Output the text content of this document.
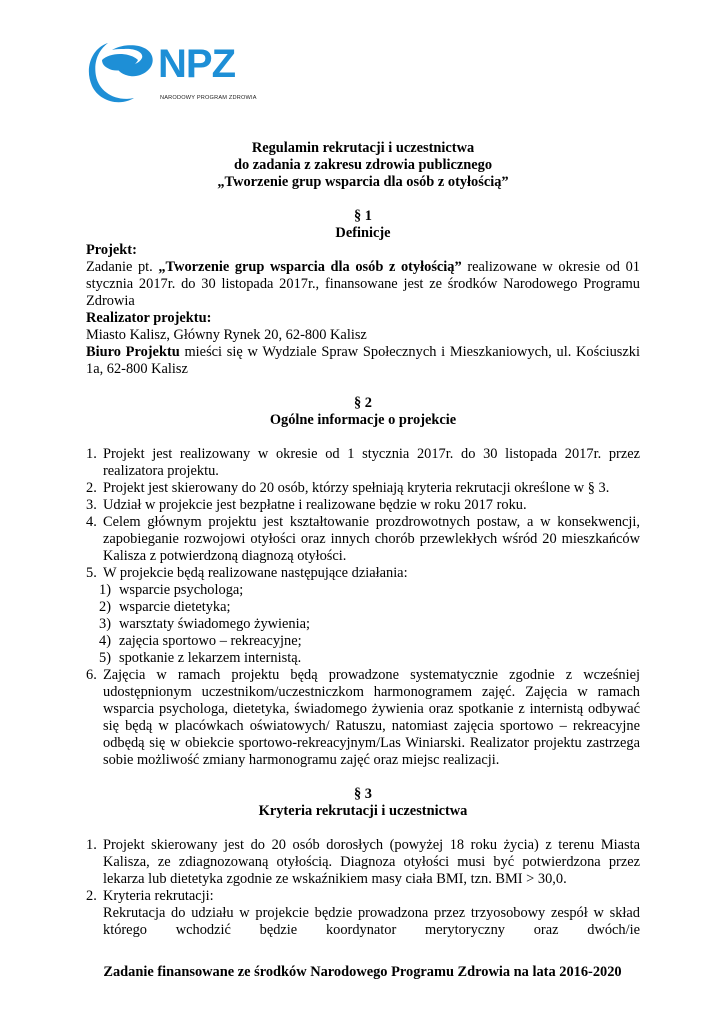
NPZ
NARODOWY PROGRAM ZDROWIA
Regulamin rekrutacji i uczestnictwa
do zadania z zakresu zdrowia publicznego
„Tworzenie grup wsparcia dla osób z otyłością”
§ 1
Definicje
Projekt:
Zadanie pt. „Tworzenie grup wsparcia dla osób z otyłością” realizowane w okresie od 01 stycznia 2017r. do 30 listopada 2017r., finansowane jest ze środków Narodowego Programu Zdrowia
Realizator projektu:
Miasto Kalisz, Główny Rynek 20, 62-800 Kalisz
Biuro Projektu mieści się w Wydziale Spraw Społecznych i Mieszkaniowych, ul. Kościuszki 1a, 62-800 Kalisz
§ 2
Ogólne informacje o projekcie
1. Projekt jest realizowany w okresie od 1 stycznia 2017r. do 30 listopada 2017r. przez realizatora projektu.
2. Projekt jest skierowany do 20 osób, którzy spełniają kryteria rekrutacji określone w § 3.
3. Udział w projekcie jest bezpłatne i realizowane będzie w roku 2017 roku.
4. Celem głównym projektu jest kształtowanie prozdrowotnych postaw, a w konsekwencji, zapobieganie rozwojowi otyłości oraz innych chorób przewlekłych wśród 20 mieszkańców Kalisza z potwierdzoną diagnozą otyłości.
5. W projekcie będą realizowane następujące działania:
1) wsparcie psychologa;
2) wsparcie dietetyka;
3) warsztaty świadomego żywienia;
4) zajęcia sportowo – rekreacyjne;
5) spotkanie z lekarzem internistą.
6. Zajęcia w ramach projektu będą prowadzone systematycznie zgodnie z wcześniej udostępnionym uczestnikom/uczestniczkom harmonogramem zajęć. Zajęcia w ramach wsparcia psychologa, dietetyka, świadomego żywienia oraz spotkanie z internistą odbywać się będą w placówkach oświatowych/ Ratuszu, natomiast zajęcia sportowo – rekreacyjne odbędą się w obiekcie sportowo-rekreacyjnym/Las Winiarski. Realizator projektu zastrzega sobie możliwość zmiany harmonogramu zajęć oraz miejsc realizacji.
§ 3
Kryteria rekrutacji i uczestnictwa
1. Projekt skierowany jest do 20 osób dorosłych (powyżej 18 roku życia) z terenu Miasta Kalisza, ze zdiagnozowaną otyłością. Diagnoza otyłości musi być potwierdzona przez lekarza lub dietetyka zgodnie ze wskaźnikiem masy ciała BMI, tzn. BMI > 30,0.
2. Kryteria rekrutacji:
Rekrutacja do udziału w projekcie będzie prowadzona przez trzyosobowy zespół w skład którego wchodzić będzie koordynator merytoryczny oraz dwóch/ie
Zadanie finansowane ze środków Narodowego Programu Zdrowia na lata 2016-2020
